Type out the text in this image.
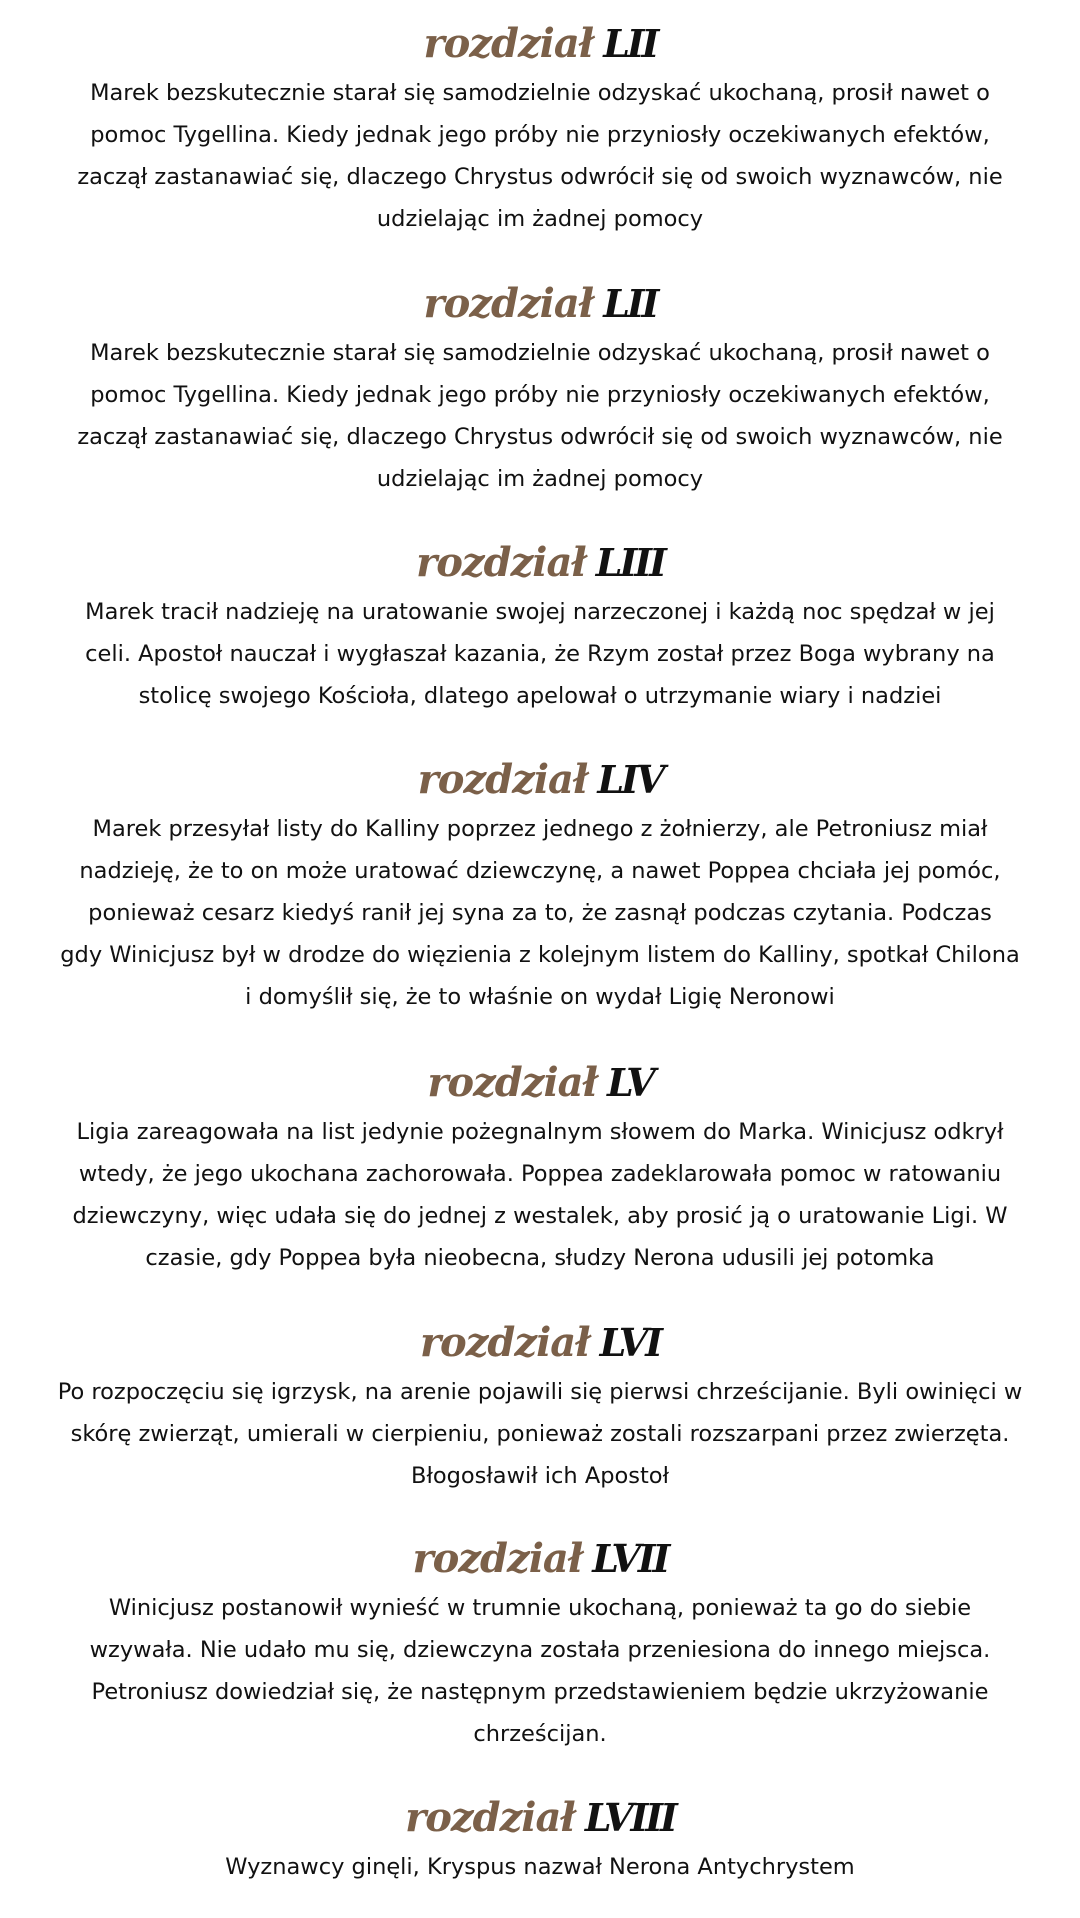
rozdział LII

Marek bezskutecznie starał się samodzielnie odzyskać ukochaną, prosił nawet o
pomoc Tygellina. Kiedy jednak jego próby nie przyniosły oczekiwanych efektów,
zaczął zastanawiać się, dlaczego Chrystus odwrócił się od swoich wyznawców, nie
udzielając im żadnej pomocy

rozdział LII

Marek bezskutecznie starał się samodzielnie odzyskać ukochaną, prosił nawet o
pomoc Tygellina. Kiedy jednak jego próby nie przyniosły oczekiwanych efektów,
zaczął zastanawiać się, dlaczego Chrystus odwrócił się od swoich wyznawców, nie
udzielając im żadnej pomocy

rozdział LIII

Marek tracił nadzieję na uratowanie swojej narzeczonej i każdą noc spędzał w jej
celi. Apostoł nauczał i wygłaszał kazania, że Rzym został przez Boga wybrany na
stolicę swojego Kościoła, dlatego apelował o utrzymanie wiary i nadziei

rozdział LIV

Marek przesyłał listy do Kalliny poprzez jednego z żołnierzy, ale Petroniusz miał
nadzieję, że to on może uratować dziewczynę, a nawet Poppea chciała jej pomóc,
ponieważ cesarz kiedyś ranił jej syna za to, że zasnął podczas czytania. Podczas
gdy Winicjusz był w drodze do więzienia z kolejnym listem do Kalliny, spotkał Chilona
i domyślił się, że to właśnie on wydał Ligię Neronowi

rozdział LV

Ligia zareagowała na list jedynie pożegnalnym słowem do Marka. Winicjusz odkrył
wtedy, że jego ukochana zachorowała. Poppea zadeklarowała pomoc w ratowaniu
dziewczyny, więc udała się do jednej z westalek, aby prosić ją o uratowanie Ligi. W
czasie, gdy Poppea była nieobecna, słudzy Nerona udusili jej potomka

rozdział LVI

Po rozpoczęciu się igrzysk, na arenie pojawili się pierwsi chrześcijanie. Byli owinięci w
skórę zwierząt, umierali w cierpieniu, ponieważ zostali rozszarpani przez zwierzęta.
Błogosławił ich Apostoł

rozdział LVII

Winicjusz postanowił wynieść w trumnie ukochaną, ponieważ ta go do siebie
wzywała. Nie udało mu się, dziewczyna została przeniesiona do innego miejsca.
Petroniusz dowiedział się, że następnym przedstawieniem będzie ukrzyżowanie
chrześcijan.

rozdział LVIII

Wyznawcy ginęli, Kryspus nazwał Nerona Antychrystem
